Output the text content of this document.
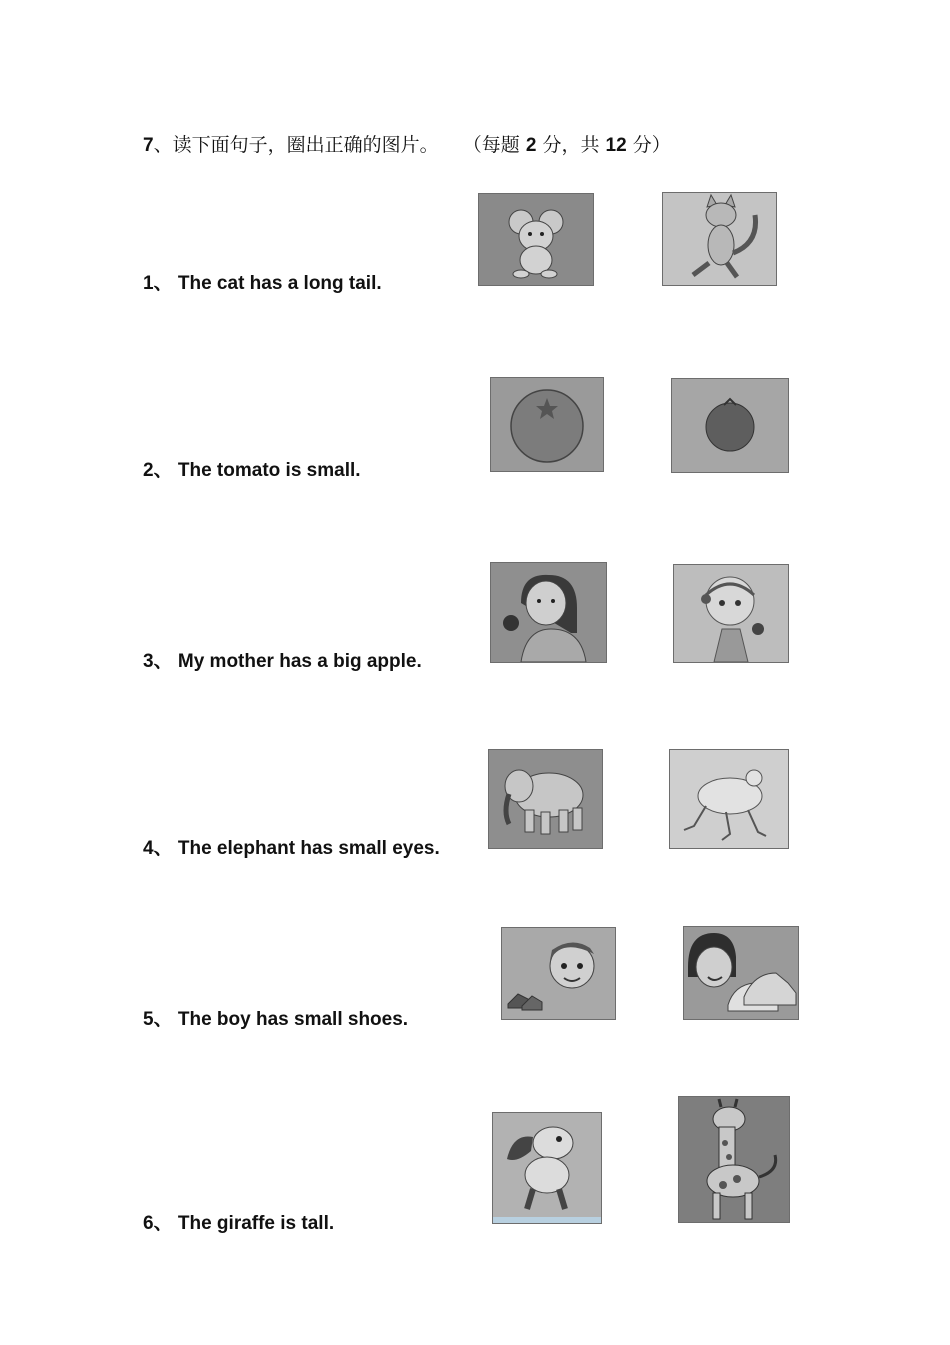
7、读下面句子，圈出正确的图片。 （每题 2 分，共 12 分）
1、 The cat has a long tail.
2、 The tomato is small.
3、 My mother has a big apple.
4、 The elephant has small eyes.
5、 The boy has small shoes.
6、 The giraffe is tall.
